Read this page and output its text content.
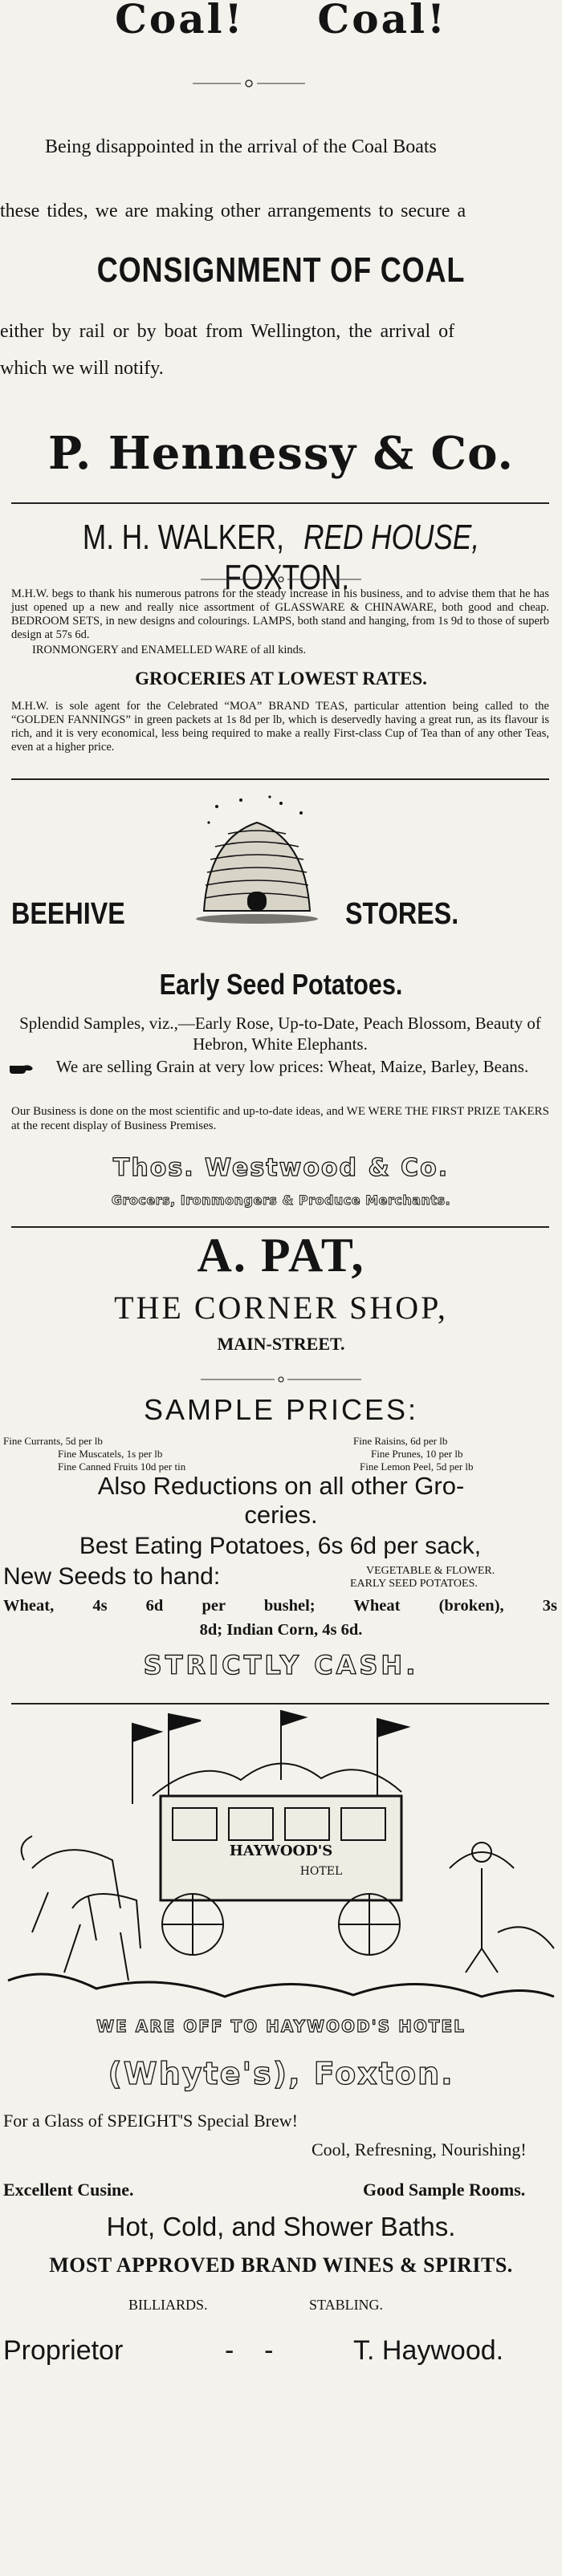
Coal! Coal!
Being disappointed in the arrival of the Coal Boats
these tides, we are making other arrangements to secure a
CONSIGNMENT OF COAL
either by rail or by boat from Wellington, the arrival of
which we will notify.
P. Hennessy & Co.
M. H. WALKER, RED HOUSE, FOXTON.
M.H.W. begs to thank his numerous patrons for the steady increase in his business, and to advise them that he has just opened up a new and really nice assortment of GLASSWARE & CHINAWARE, both good and cheap. BEDROOM SETS, in new designs and colourings. LAMPS, both stand and hanging, from 1s 9d to those of superb design at 57s 6d.
IRONMONGERY and ENAMELLED WARE of all kinds.
GROCERIES AT LOWEST RATES.
M.H.W. is sole agent for the Celebrated “MOA” BRAND TEAS, particular attention being called to the “GOLDEN FANNINGS” in green packets at 1s 8d per lb, which is deservedly having a great run, as its flavour is rich, and it is very economical, less being required to make a really First-class Cup of Tea than of any other Teas, even at a higher price.
BEEHIVE	STORES.
Early Seed Potatoes.
Splendid Samples, viz.,—Early Rose, Up-to-Date, Peach Blossom, Beauty of Hebron, White Elephants.
We are selling Grain at very low prices: Wheat, Maize, Barley, Beans.
Our Business is done on the most scientific and up-to-date ideas, and WE WERE THE FIRST PRIZE TAKERS at the recent display of Business Premises.
Thos. Westwood & Co.
Grocers, Ironmongers & Produce Merchants.
A. PAT,
THE CORNER SHOP,
MAIN-STREET.
SAMPLE PRICES:
Fine Currants, 5d per lb
Fine Muscatels, 1s per lb
Fine Canned Fruits 10d per tin
Fine Raisins, 6d per lb
Fine Prunes, 10 per lb
Fine Lemon Peel, 5d per lb
Also Reductions on all other Gro-
ceries.
Best Eating Potatoes, 6s 6d per sack,
New Seeds to hand:	VEGETABLE & FLOWER.
EARLY SEED POTATOES.
Wheat, 4s 6d per bushel; Wheat (broken), 3s
8d; Indian Corn, 4s 6d.
STRICTLY CASH.
HAYWOOD'S
HOTEL
WE ARE OFF TO HAYWOOD'S HOTEL
(Whyte's), Foxton.
For a Glass of SPEIGHT'S Special Brew!
Cool, Refresning, Nourishing!
Excellent Cusine.	Good Sample Rooms.
Hot, Cold, and Shower Baths.
MOST APPROVED BRAND WINES & SPIRITS.
BILLIARDS.	STABLING.
Proprietor	-    -	T. Haywood.
